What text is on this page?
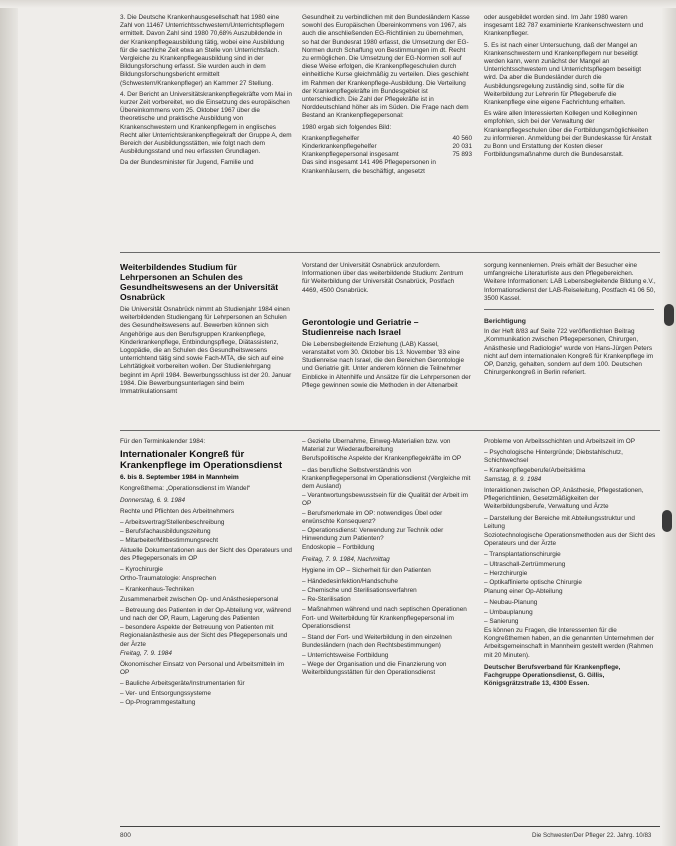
3. Die Deutsche Krankenhausgesellschaft hat 1980 eine Zahl von 11467 Unterrichtsschwestern/Unterrichtspflegern ermittelt. Davon Zahl sind 1980 70,68% Auszubildende in der Krankenpflegeausbildung tätig, wobei eine Ausbildung für die sachliche Zeit etwa an Stelle von Unterrichtsfach. Vergleiche zu Krankenpflegeausbildung sind in der Bildungsforschung erfasst. Sie wurden auch in dem Bildungsforschungsbericht ermittelt (Schwestern/Krankenpfleger) an Kammer 27 Stellung.

4. Der Bericht an Universitätskrankenpflegekräfte vom Mai in kurzer Zeit vorbereitet, wo die Einsetzung des europäischen Übereinkommens vom 25. Oktober 1967 über die theoretische und praktische Ausbildung von Krankenschwestern und Krankenpflegern in englisches Recht aller Unterrichtskrankenpflegekraft der Gruppe A, dem Bereich der Ausbildungsstätten, wie folgt nach dem Ausbildungsstand und neu erfassten Grundlagen.

Da der Bundesminister für Jugend, Familie und

Gesundheit zu verbindlichen mit den Bundesländern Kasse sowohl des Europäischen Übereinkommens von 1967, als auch die anschließenden EG-Richtlinien zu übernehmen, so hat der Bundesrat 1980 erfasst, die Umsetzung der EG-Normen durch Schaffung von Bestimmungen im dt. Recht zu ermöglichen. Die Umsetzung der EG-Normen soll auf diese Weise erfolgen, die Krankenpflegeschulen durch einheitliche Kurse gleichmäßig zu verteilen. Dies geschieht im Rahmen der Krankenpflege-Ausbildung. Die Verteilung der Krankenpflegekräfte im Bundesgebiet ist unterschiedlich. Die Zahl der Pflegekräfte ist in Norddeutschland höher als im Süden. Die Frage nach dem Bestand an Krankenpflegepersonal:

1980 ergab sich folgendes Bild:

Krankenpflegehelfer	40 560
Kinderkrankenpflegehelfer	20 031
Krankenpflegepersonal insgesamt	75 893

Das sind insgesamt 141 496 Pflegepersonen in Krankenhäusern, die beschäftigt, angesetzt

oder ausgebildet worden sind. Im Jahr 1980 waren insgesamt 182 787 examinierte Krankenschwestern und Krankenpfleger.

5. Es ist nach einer Untersuchung, daß der Mangel an Krankenschwestern und Krankenpflegern nur beseitigt werden kann, wenn zunächst der Mangel an Unterrichtsschwestern und Unterrichtspflegern beseitigt wird. Da aber die Bundesländer durch die Ausbildungsregelung zuständig sind, sollte für die Weiterbildung zur Lehrerin für Pflegeberufe die Krankenpflege eine eigene Fachrichtung erhalten.

Es wäre allen Interessierten Kollegen und Kolleginnen empfohlen, sich bei der Verwaltung der Krankenpflegeschulen über die Fortbildungsmöglichkeiten zu informieren. Anmeldung bei der Bundeskasse für Anstalt zu Bonn und Erstattung der Kosten dieser Fortbildungsmaßnahme durch die Bundesanstalt.

Weiterbildendes Studium für Lehrpersonen an Schulen des Gesundheitswesens an der Universität Osnabrück

Die Universität Osnabrück nimmt ab Studienjahr 1984 einen weiterbildenden Studiengang für Lehrpersonen an Schulen des Gesundheitswesens auf. Bewerben können sich Angehörige aus den Berufsgruppen Krankenpflege, Kinderkrankenpflege, Entbindungspflege, Diätassistenz, Logopädie, die an Schulen des Gesundheitswesens unterrichtend tätig sind sowie Fach-MTA, die sich auf eine Lehrtätigkeit vorbereiten wollen. Der Studienlehrgang beginnt im April 1984. Bewerbungsschluss ist der 20. Januar 1984. Die Bewerbungsunterlagen sind beim Immatrikulationsamt

Vorstand der Universität Osnabrück anzufordern. Informationen über das weiterbildende Studium: Zentrum für Weiterbildung der Universität Osnabrück, Postfach 4469, 4500 Osnabrück.

Gerontologie und Geriatrie – Studienreise nach Israel

Die Lebensbegleitende Erziehung (LAB) Kassel, veranstaltet vom 30. Oktober bis 13. November '83 eine Studienreise nach Israel, die den Bereichen Gerontologie und Geriatrie gilt. Unter anderem können die Teilnehmer Einblicke in Altenhilfe und Ansätze für die Lehrpersonen der Pflege gewinnen sowie die Methoden in der Altenarbeit

sorgung kennenlernen. Preis erhält der Besucher eine umfangreiche Literaturliste aus den Pflegebereichen. Weitere Informationen: LAB Lebensbegleitende Bildung e.V., Informationsdienst der LAB-Reiseleitung, Postfach 41 06 50, 3500 Kassel.

Berichtigung

In der Heft 8/83 auf Seite 722 veröffentlichten Beitrag „Kommunikation zwischen Pflegepersonen, Chirurgen, Anästhesie und Radiologie“ wurde von Hans-Jürgen Peters nicht auf dem internationalen Kongreß für Krankenpflege im OP, Danzig, gehalten, sondern auf dem 100. Deutschen Chirurgenkongreß in Berlin referiert.

Für den Terminkalender 1984:

Internationaler Kongreß für Krankenpflege im Operationsdienst

6. bis 8. September 1984 in Mannheim

Kongreßthema: „Operationsdienst im Wandel“

Donnerstag, 6. 9. 1984

Rechte und Pflichten des Arbeitnehmers

– Arbeitsvertrag/Stellenbeschreibung

– Berufsfachausbildungszeitung

– Mitarbeiter/Mitbestimmungsrecht

Aktuelle Dokumentationen aus der Sicht des Operateurs und des Pflegepersonals im OP

– Kyrochirurgie

Ortho-Traumatologie: Ansprechen

– Krankenhaus-Techniken

Zusammenarbeit zwischen Op- und Anästhesiepersonal

– Betreuung des Patienten in der Op-Abteilung vor, während und nach der OP, Raum, Lagerung des Patienten

– besondere Aspekte der Betreuung von Patienten mit Regionalanästhesie aus der Sicht des Pflegepersonals und der Ärzte

Freitag, 7. 9. 1984

Ökonomischer Einsatz von Personal und Arbeitsmitteln im OP

– Bauliche Arbeitsgeräte/Instrumentarien für

– Ver- und Entsorgungssysteme

– Op-Programmgestaltung

– Gezielte Übernahme, Einweg-Materialien bzw. von Material zur Wiederaufbereitung

Berufspolitische Aspekte der Krankenpflegekräfte im OP

– das berufliche Selbstverständnis von Krankenpflegepersonal im Operationsdienst (Vergleiche mit dem Ausland)

– Verantwortungsbewusstsein für die Qualität der Arbeit im OP

– Berufsmerkmale im OP: notwendiges Übel oder erwünschte Konsequenz?

– Operationsdienst: Verwendung zur Technik oder Hinwendung zum Patienten?

Endoskopie – Fortbildung

Freitag, 7. 9. 1984, Nachmittag

Hygiene im OP – Sicherheit für den Patienten

– Händedesinfektion/Handschuhe

– Chemische und Sterilisationsverfahren

– Re-Sterilisation

– Maßnahmen während und nach septischen Operationen

Fort- und Weiterbildung für Krankenpflegepersonal im Operationsdienst

– Stand der Fort- und Weiterbildung in den einzelnen Bundesländern (nach den Rechtsbestimmungen)

– Unterrichtsweise Fortbildung

– Wege der Organisation und die Finanzierung von Weiterbildungsstätten für den Operationsdienst

Probleme von Arbeitsschichten und Arbeitszeit im OP

– Psychologische Hintergründe; Diebstahlschutz, Schichtwechsel

– Krankenpflegeberufe/Arbeitsklima

Samstag, 8. 9. 1984

Interaktionen zwischen OP, Anästhesie, Pflegestationen, Pflegerichtlinien, Gesetzmäßigkeiten der Weiterbildungsberufe, Verwaltung und Ärzte

– Darstellung der Bereiche mit Abteilungsstruktur und Leitung

Soziotechnologische Operationsmethoden aus der Sicht des Operateurs und der Ärzte

– Transplantationschirurgie

– Ultraschall-Zertrümmerung

– Herzchirurgie

– Optikaffinierte optische Chirurgie

Planung einer Op-Abteilung

– Neubau-Planung

– Umbauplanung

– Sanierung

Es können zu Fragen, die Interessenten für die Kongreßthemen haben, an die genannten Unternehmen der Arbeitsgemeinschaft in Mannheim gestellt werden (Rahmen mit 20 Minuten).

Deutscher Berufsverband für Krankenpflege, Fachgruppe Operationsdienst, G. Gillis, Königsgrätzstraße 13, 4300 Essen.

800	Die Schwester/Der Pfleger 22. Jahrg. 10/83
